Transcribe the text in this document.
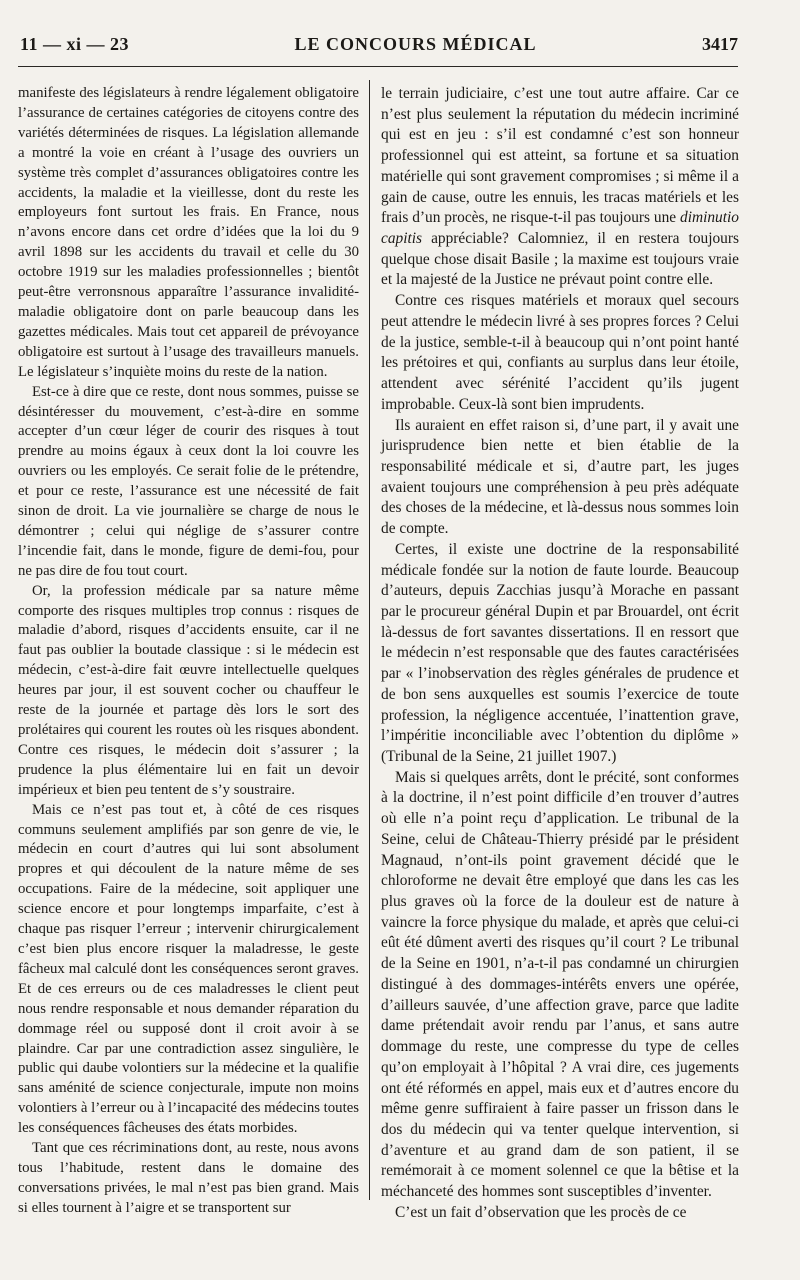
11 — xi — 23	LE CONCOURS MÉDICAL	3417

manifeste des législateurs à rendre légalement obligatoire l’assurance de certaines catégories de citoyens contre des variétés déterminées de risques. La législation allemande a montré la voie en créant à l’usage des ouvriers un système très complet d’assurances obligatoires contre les accidents, la maladie et la vieillesse, dont du reste les employeurs font surtout les frais. En France, nous n’avons encore dans cet ordre d’idées que la loi du 9 avril 1898 sur les accidents du travail et celle du 30 octobre 1919 sur les maladies professionnelles ; bientôt peut-être verronsnous apparaître l’assurance invalidité-maladie obligatoire dont on parle beaucoup dans les gazettes médicales. Mais tout cet appareil de prévoyance obligatoire est surtout à l’usage des travailleurs manuels. Le législateur s’inquiète moins du reste de la nation.

Est-ce à dire que ce reste, dont nous sommes, puisse se désintéresser du mouvement, c’est-à-dire en somme accepter d’un cœur léger de courir des risques à tout prendre au moins égaux à ceux dont la loi couvre les ouvriers ou les employés. Ce serait folie de le prétendre, et pour ce reste, l’assurance est une nécessité de fait sinon de droit. La vie journalière se charge de nous le démontrer ; celui qui néglige de s’assurer contre l’incendie fait, dans le monde, figure de demi-fou, pour ne pas dire de fou tout court.

Or, la profession médicale par sa nature même comporte des risques multiples trop connus : risques de maladie d’abord, risques d’accidents ensuite, car il ne faut pas oublier la boutade classique : si le médecin est médecin, c’est-à-dire fait œuvre intellectuelle quelques heures par jour, il est souvent cocher ou chauffeur le reste de la journée et partage dès lors le sort des prolétaires qui courent les routes où les risques abondent. Contre ces risques, le médecin doit s’assurer ; la prudence la plus élémentaire lui en fait un devoir impérieux et bien peu tentent de s’y soustraire.

Mais ce n’est pas tout et, à côté de ces risques communs seulement amplifiés par son genre de vie, le médecin en court d’autres qui lui sont absolument propres et qui découlent de la nature même de ses occupations. Faire de la médecine, soit appliquer une science encore et pour longtemps imparfaite, c’est à chaque pas risquer l’erreur ; intervenir chirurgicalement c’est bien plus encore risquer la maladresse, le geste fâcheux mal calculé dont les conséquences seront graves. Et de ces erreurs ou de ces maladresses le client peut nous rendre responsable et nous demander réparation du dommage réel ou supposé dont il croit avoir à se plaindre. Car par une contradiction assez singulière, le public qui daube volontiers sur la médecine et la qualifie sans aménité de science conjecturale, impute non moins volontiers à l’erreur ou à l’incapacité des médecins toutes les conséquences fâcheuses des états morbides.

Tant que ces récriminations dont, au reste, nous avons tous l’habitude, restent dans le domaine des conversations privées, le mal n’est pas bien grand. Mais si elles tournent à l’aigre et se transportent sur

le terrain judiciaire, c’est une tout autre affaire. Car ce n’est plus seulement la réputation du médecin incriminé qui est en jeu : s’il est condamné c’est son honneur professionnel qui est atteint, sa fortune et sa situation matérielle qui sont gravement compromises ; si même il a gain de cause, outre les ennuis, les tracas matériels et les frais d’un procès, ne risque-t-il pas toujours une diminutio capitis appréciable? Calomniez, il en restera toujours quelque chose disait Basile ; la maxime est toujours vraie et la majesté de la Justice ne prévaut point contre elle.

Contre ces risques matériels et moraux quel secours peut attendre le médecin livré à ses propres forces ? Celui de la justice, semble-t-il à beaucoup qui n’ont point hanté les prétoires et qui, confiants au surplus dans leur étoile, attendent avec sérénité l’accident qu’ils jugent improbable. Ceux-là sont bien imprudents.

Ils auraient en effet raison si, d’une part, il y avait une jurisprudence bien nette et bien établie de la responsabilité médicale et si, d’autre part, les juges avaient toujours une compréhension à peu près adéquate des choses de la médecine, et là-dessus nous sommes loin de compte.

Certes, il existe une doctrine de la responsabilité médicale fondée sur la notion de faute lourde. Beaucoup d’auteurs, depuis Zacchias jusqu’à Morache en passant par le procureur général Dupin et par Brouardel, ont écrit là-dessus de fort savantes dissertations. Il en ressort que le médecin n’est responsable que des fautes caractérisées par « l’inobservation des règles générales de prudence et de bon sens auxquelles est soumis l’exercice de toute profession, la négligence accentuée, l’inattention grave, l’impéritie inconciliable avec l’obtention du diplôme » (Tribunal de la Seine, 21 juillet 1907.)

Mais si quelques arrêts, dont le précité, sont conformes à la doctrine, il n’est point difficile d’en trouver d’autres où elle n’a point reçu d’application. Le tribunal de la Seine, celui de Château-Thierry présidé par le président Magnaud, n’ont-ils point gravement décidé que le chloroforme ne devait être employé que dans les cas les plus graves où la force de la douleur est de nature à vaincre la force physique du malade, et après que celui-ci eût été dûment averti des risques qu’il court ? Le tribunal de la Seine en 1901, n’a-t-il pas condamné un chirurgien distingué à des dommages-intérêts envers une opérée, d’ailleurs sauvée, d’une affection grave, parce que ladite dame prétendait avoir rendu par l’anus, et sans autre dommage du reste, une compresse du type de celles qu’on employait à l’hôpital ? A vrai dire, ces jugements ont été réformés en appel, mais eux et d’autres encore du même genre suffiraient à faire passer un frisson dans le dos du médecin qui va tenter quelque intervention, si d’aventure et au grand dam de son patient, il se remémorait à ce moment solennel ce que la bêtise et la méchanceté des hommes sont susceptibles d’inventer.

C’est un fait d’observation que les procès de ce
